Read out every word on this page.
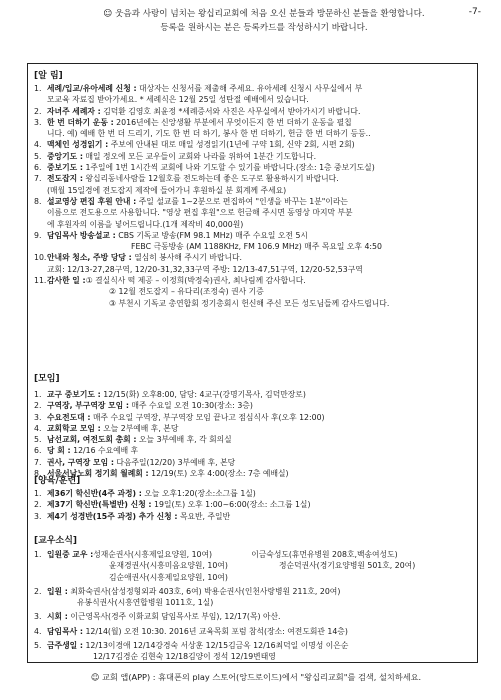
☺ 웃음과 사랑이 넘치는 왕십리교회에 처음 오신 분들과 방문하신 분들을 환영합니다.
등록을 원하시는 분은 등록카드를 작성하시기 바랍니다.
-7-
[알 림]
1. 세례/입교/유아세례 신청 : 대상자는 신청서를 제출해 주세요. 유아세례 신청시 사무실에서 부
모교육 자료집 받아가세요. * 세례식은 12월 25일 성탄절 예배에서 있습니다.
2. 자녀주 세례자 : 김덕환 김영호 최윤정 *세례증서와 사진은 사무실에서 받아가시기 바랍니다.
3. 한 번 더하기 운동 : 2016년에는 신앙생활 부분에서 무엇이든지 한 번 더하기 운동을 펼칩
니다. 예) 예배 한 번 더 드리기, 기도 한 번 더 하기, 봉사 한 번 더하기, 헌금 한 번 더하기 등등..
4. 맥체인 성경읽기 : 주보에 안내된 대로 매일 성경읽기(1년에 구약 1회, 신약 2회, 시편 2회)
5. 중앙기도 : 매일 정오에 모든 교우들이 교회와 나라를 위하여 1분간 기도합니다.
6. 중보기도 : 1주일에 1번 1시간씩 교회에 나와 기도할 수 있기를 바랍니다.(장소: 1층 중보기도실)
7. 전도잡지 : 왕십리동네사람들 12월호를 전도하는데 좋은 도구로 활용하시기 바랍니다.
(매월 15일경에 전도잡지 제작에 들어가니 후원하실 분 회계께 주세요)
8. 설교영상 편집 후원 안내 : 주일 설교를 1~2분으로 편집하여 "인생을 바꾸는 1분"이라는
이름으로 전도용으로 사용합니다. "영상 편집 후원"으로 헌금해 주시면 동영상 마지막 부분
에 후원자의 이름을 넣어드립니다.(1개 제작비 40,000원)
9. 담임목사 방송설교 : CBS 기독교 방송(FM 98.1 MHz) 매주 수요일 오전 5시
FEBC 극동방송 (AM 1188KHz, FM 106.9 MHz) 매주 목요일 오후 4:50
10. 안내와 청소, 주방 당당 : 열심히 봉사해 주시기 바랍니다.
교회: 12/13-27,28구역, 12/20-31,32,33구역 주방: 12/13-47,51구역, 12/20-52,53구역
11. 감사한 일 :① 결실식사 떡 제공 – 이정희(박정숙)권사, 최나림께 감사합니다.
② 12월 전도잡지 – 유다리(조정숙) 권사 기증
③ 부천시 기독교 총연합회 정기총회시 헌신해 주신 모든 성도님들께 감사드립니다.
[모임]
1. 교구 중보기도 : 12/15(화) 오후8:00, 담당: 4교구(강명기목사, 김덕만장로)
2. 구역장, 부구역장 모임 : 매주 수요일 오전 10:30(장소: 3층)
3. 수요전도대 : 매주 수요일 구역장, 부구역장 모임 끝나고 점심식사 후(오후 12:00)
4. 교회학교 모임 : 오늘 2부예배 후, 본당
5. 남선교회, 여전도회 총회 : 오늘 3부예배 후, 각 회의실
6. 당 회 : 12/16 수요예배 후
7. 권사, 구역장 모임 : 다음주일(12/20) 3부예배 후, 본당
8. 서울서남노회 정기회 월례회 : 12/19(토) 오후 4:00(장소: 7층 예배실)
[양육/훈련]
1. 제36기 학신반(4주 과정) : 오늘 오후1:20(장소:소그룹 1실)
2. 제37기 학신반(특별반) 신청 : 19일(토) 오후 1:00~6:00(장소: 소그룹 1실)
3. 제4기 성경반(15주 과정) 추가 신청 : 목요반, 주일반
[교우소식]
1. 입원중 교우 : 성재순권사(시흥제일요양원, 10여)	이금숙성도(휴먼유병원 208호,백송여성도)
윤재경권사(시흥미음요양원, 10여)	정순덕권사(경기요양병원 501호, 20여)
김순애권사(시흥제일요양원, 10여)
2. 입원 : 최화숙권사(삼성정형외과 403호, 6여) 박용순권사(인천사랑병원 211호, 20여)
유봉식권사(시흥연합병원 1011호, 1실)
3. 시회 : 이근영목사(경주 이화교회 담임목사로 부임), 12/17(목) 아산.
4. 담임목사 : 12/14(월) 오전 10:30. 2016년 교육목회 포럼 참석(장소: 여전도회관 14층)
5. 금주생일 : 12/13이경애 12/14강경숙 서상훈 12/15김금옥 12/16최덕일 이명성 이은순
12/17김경순 김현숙 12/18김양이 정석 12/19변태영
☺ 교회 앱(APP) : 휴대폰의 play 스토어(앙드로이드)에서 "왕십리교회"를 검색, 설치하세요.
